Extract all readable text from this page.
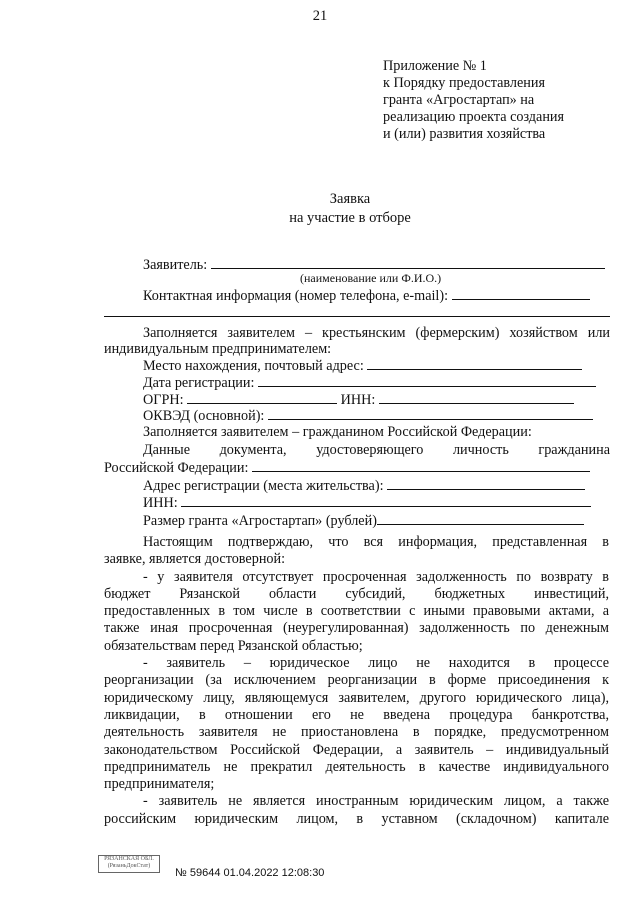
21
Приложение № 1
к Порядку предоставления
гранта «Агростартап» на
реализацию проекта создания
и (или) развития хозяйства
Заявка
на участие в отборе
Заявитель:
(наименование или Ф.И.О.)
Контактная информация (номер телефона, e-mail):
Заполняется заявителем – крестьянским (фермерским) хозяйством или
индивидуальным предпринимателем:
Место нахождения, почтовый адрес:
Дата регистрации:
ОГРН:	ИНН:
ОКВЭД (основной):
Заполняется заявителем – гражданином Российской Федерации:
Данные документа, удостоверяющего личность гражданина
Российской Федерации:
Адрес регистрации (места жительства):
ИНН:
Размер гранта «Агростартап» (рублей)
Настоящим подтверждаю, что вся информация, представленная в
заявке, является достоверной:
- у заявителя отсутствует просроченная задолженность по возврату в
бюджет Рязанской области субсидий, бюджетных инвестиций,
предоставленных в том числе в соответствии с иными правовыми актами, а
также иная просроченная (неурегулированная) задолженность по денежным
обязательствам перед Рязанской областью;
- заявитель – юридическое лицо не находится в процессе
реорганизации (за исключением реорганизации в форме присоединения к
юридическому лицу, являющемуся заявителем, другого юридического лица),
ликвидации, в отношении его не введена процедура банкротства,
деятельность заявителя не приостановлена в порядке, предусмотренном
законодательством Российской Федерации, а заявитель – индивидуальный
предприниматель не прекратил деятельность в качестве индивидуального
предпринимателя;
- заявитель не является иностранным юридическим лицом, а также
российским юридическим лицом, в уставном (складочном) капитале
РЯЗАНСКАЯ ОБЛ. (РязаньДокСтат)
№ 59644 01.04.2022 12:08:30
